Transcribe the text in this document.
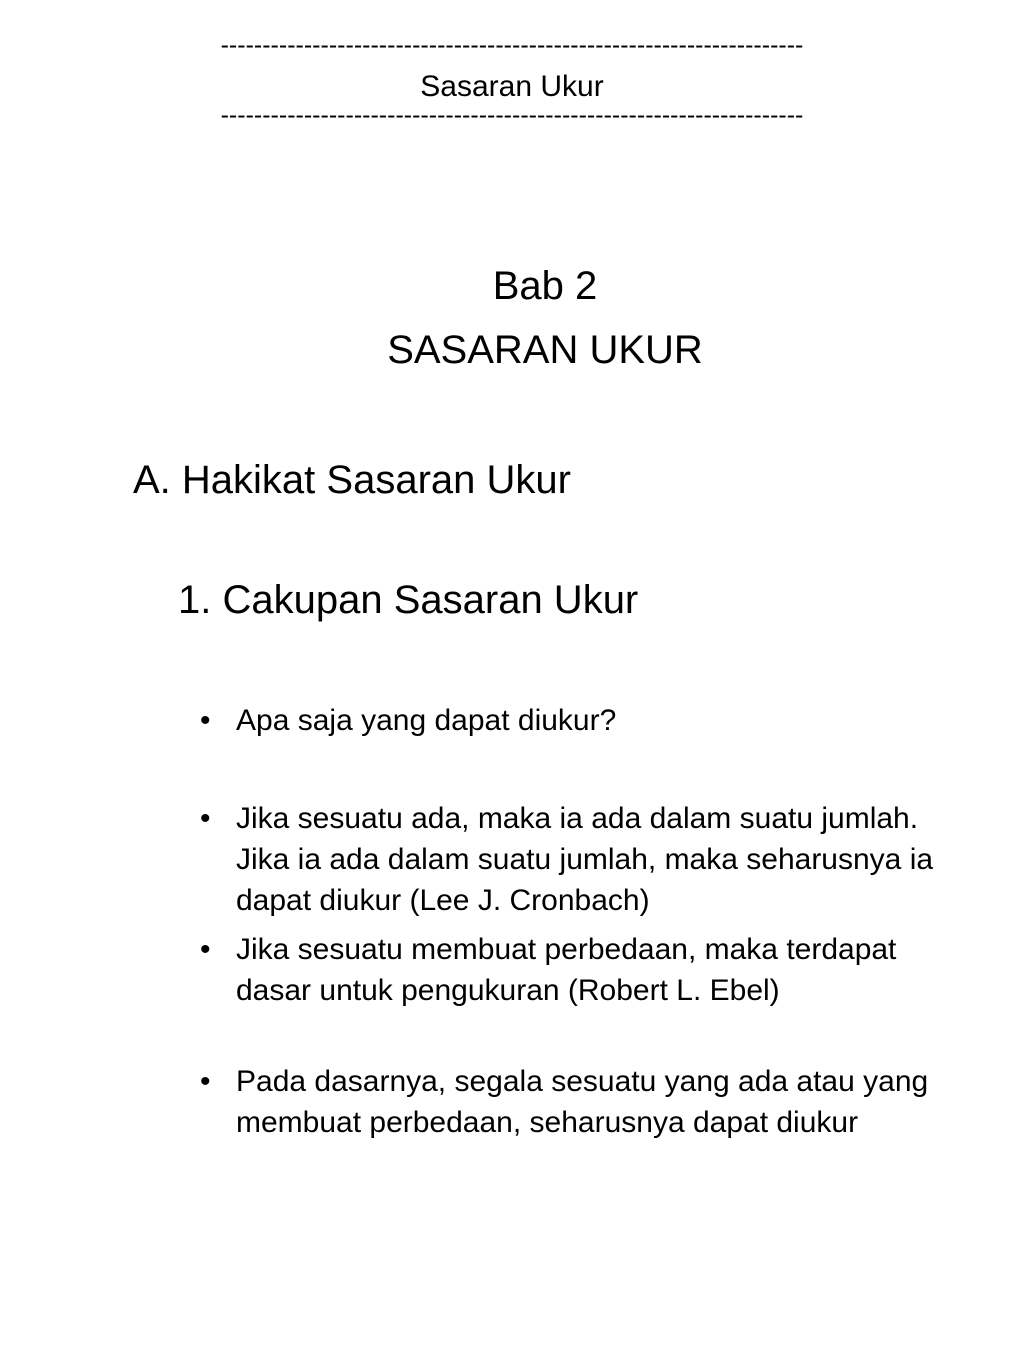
----------------------------------------------------------------------
Sasaran Ukur
----------------------------------------------------------------------
Bab 2
SASARAN UKUR
A. Hakikat Sasaran Ukur
1. Cakupan Sasaran Ukur
• Apa saja yang dapat diukur?
• Jika sesuatu ada, maka ia ada dalam suatu jumlah. Jika ia ada dalam suatu jumlah, maka seharusnya ia dapat diukur (Lee J. Cronbach)
• Jika sesuatu membuat perbedaan, maka terdapat dasar untuk pengukuran (Robert L. Ebel)
• Pada dasarnya, segala sesuatu yang ada atau yang membuat perbedaan, seharusnya dapat diukur
